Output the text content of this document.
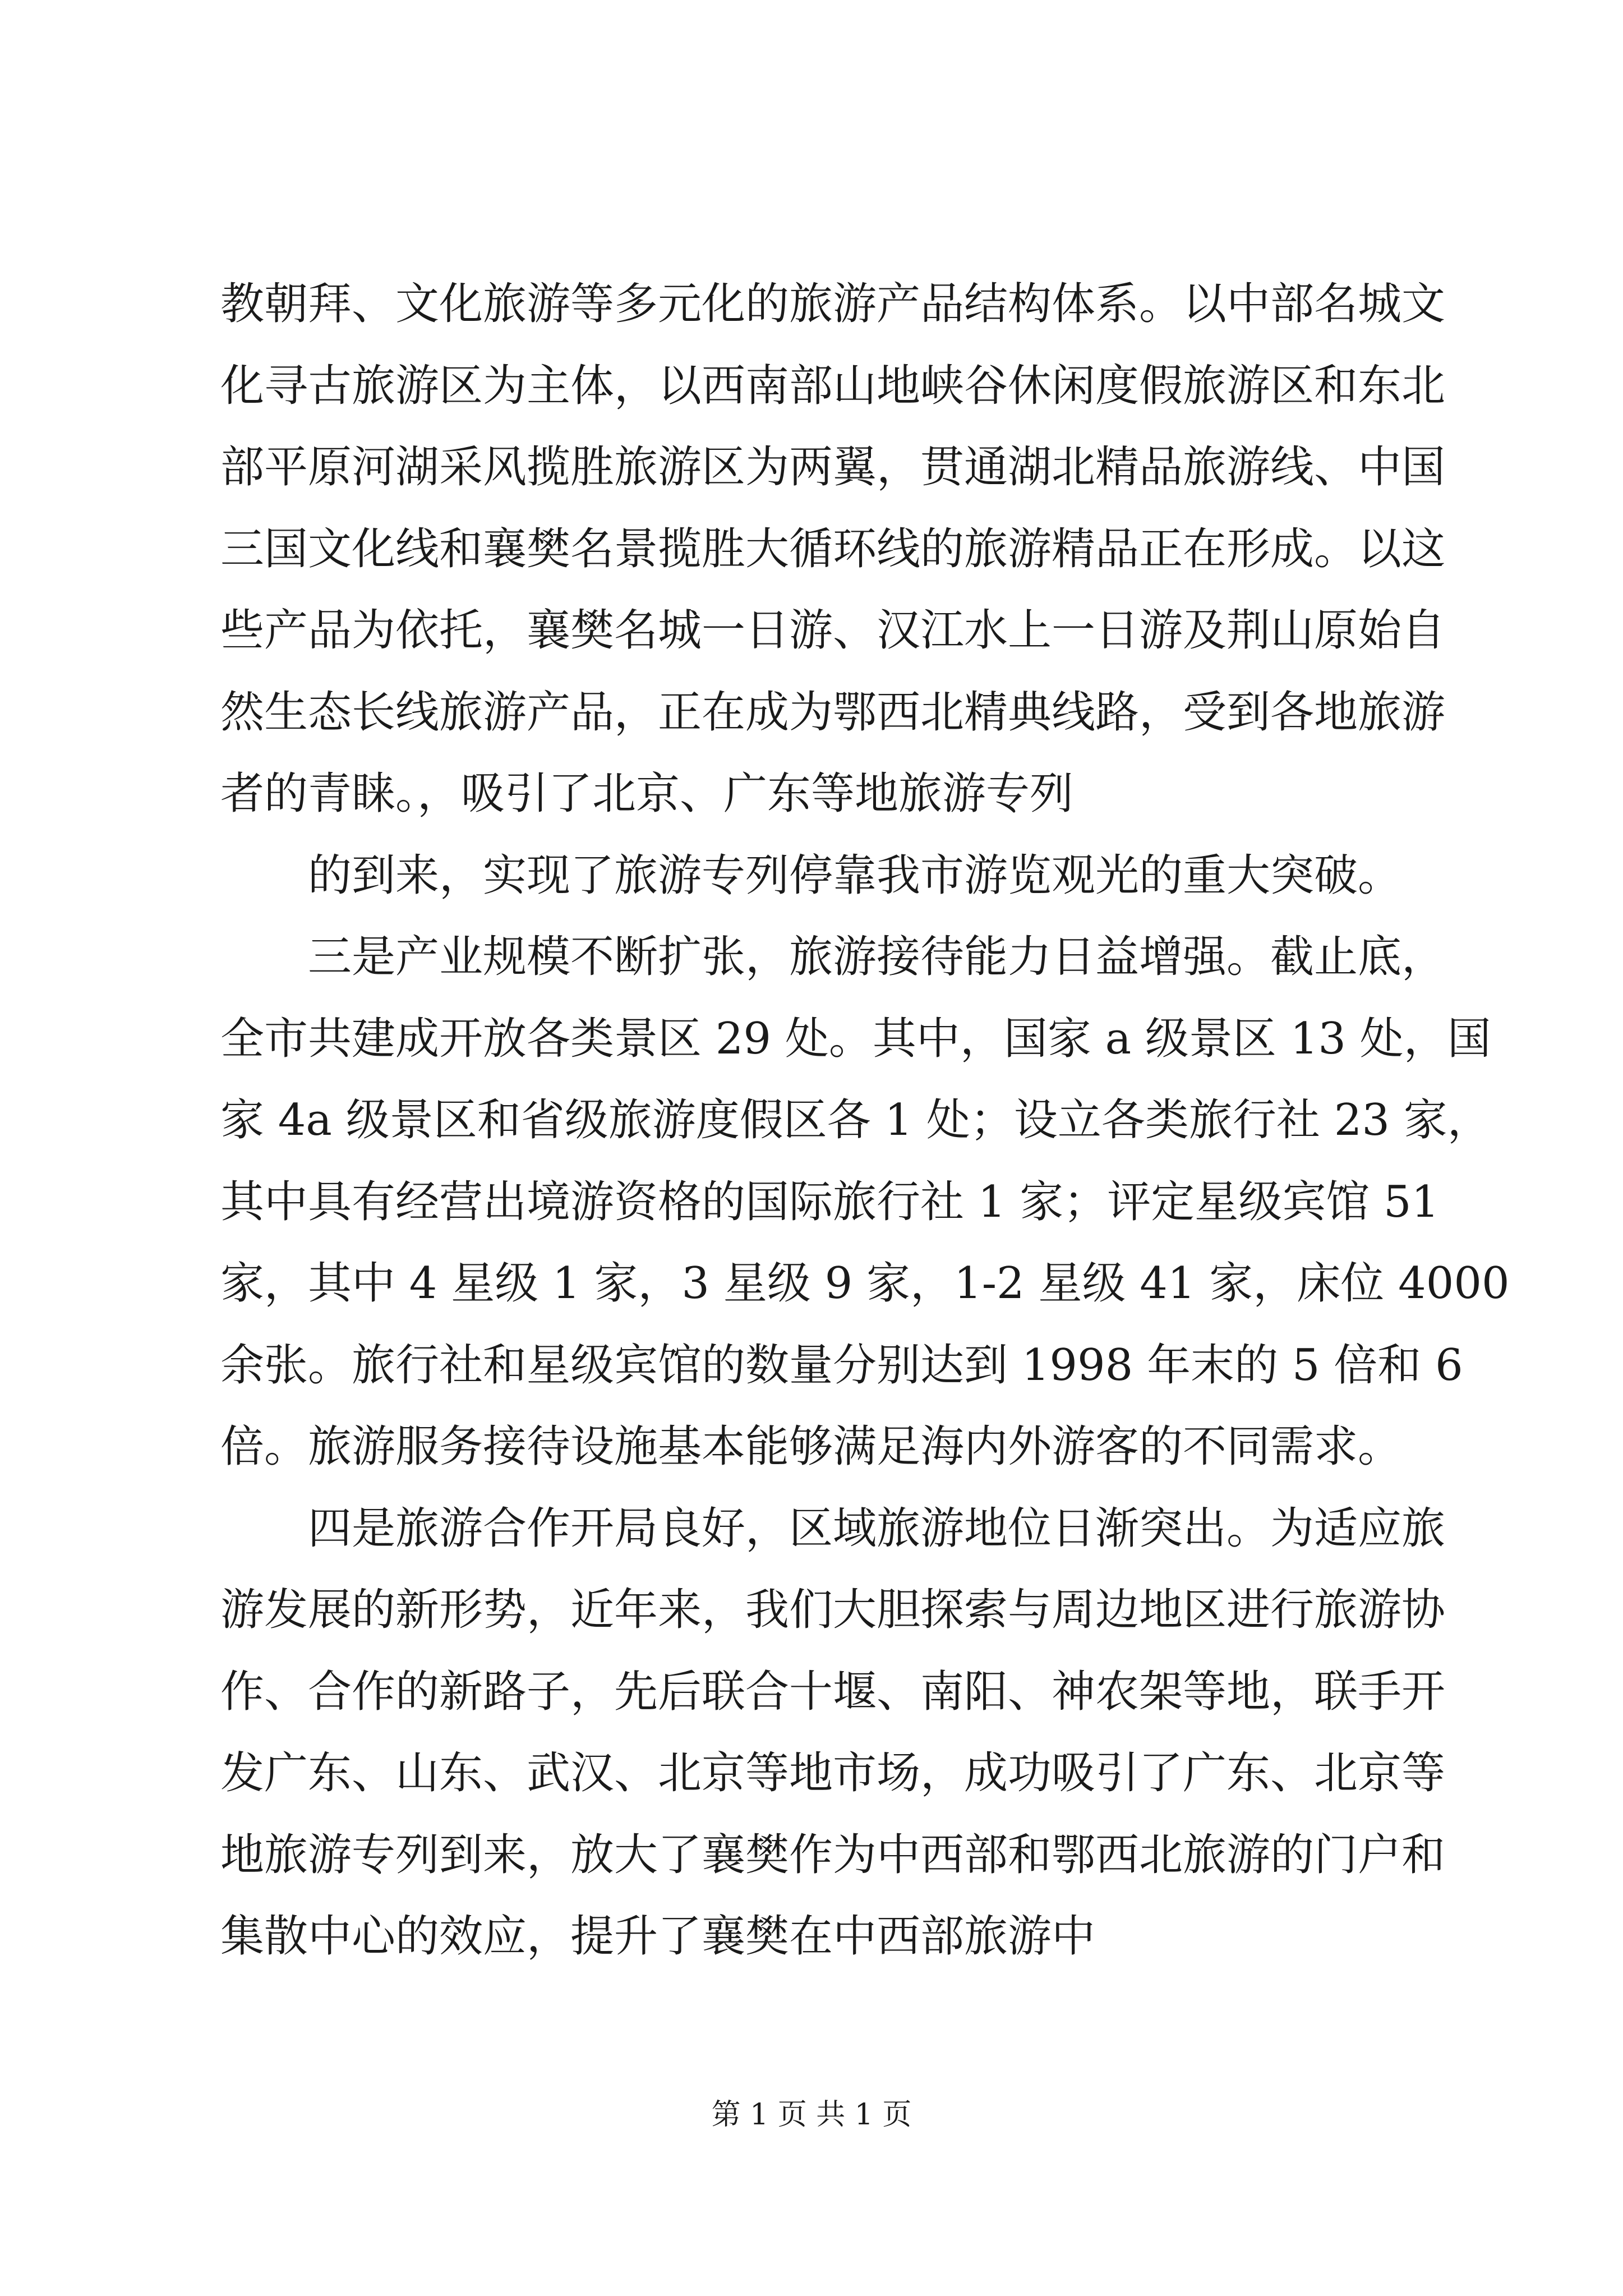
教朝拜、文化旅游等多元化的旅游产品结构体系。以中部名城文
化寻古旅游区为主体，以西南部山地峡谷休闲度假旅游区和东北
部平原河湖采风揽胜旅游区为两翼，贯通湖北精品旅游线、中国
三国文化线和襄樊名景揽胜大循环线的旅游精品正在形成。以这
些产品为依托，襄樊名城一日游、汉江水上一日游及荆山原始自
然生态长线旅游产品，正在成为鄂西北精典线路，受到各地旅游
者的青睐。，吸引了北京、广东等地旅游专列
的到来，实现了旅游专列停靠我市游览观光的重大突破。
三是产业规模不断扩张，旅游接待能力日益增强。截止底，
全市共建成开放各类景区 29 处。其中，国家 a 级景区 13 处，国
家 4a 级景区和省级旅游度假区各 1 处；设立各类旅行社 23 家，
其中具有经营出境游资格的国际旅行社 1 家；评定星级宾馆 51
家，其中 4 星级 1 家，3 星级 9 家，1-2 星级 41 家，床位 4000
余张。旅行社和星级宾馆的数量分别达到 1998 年末的 5 倍和 6
倍。旅游服务接待设施基本能够满足海内外游客的不同需求。
四是旅游合作开局良好，区域旅游地位日渐突出。为适应旅
游发展的新形势，近年来，我们大胆探索与周边地区进行旅游协
作、合作的新路子，先后联合十堰、南阳、神农架等地，联手开
发广东、山东、武汉、北京等地市场，成功吸引了广东、北京等
地旅游专列到来，放大了襄樊作为中西部和鄂西北旅游的门户和
集散中心的效应，提升了襄樊在中西部旅游中
第 1 页 共 1 页
